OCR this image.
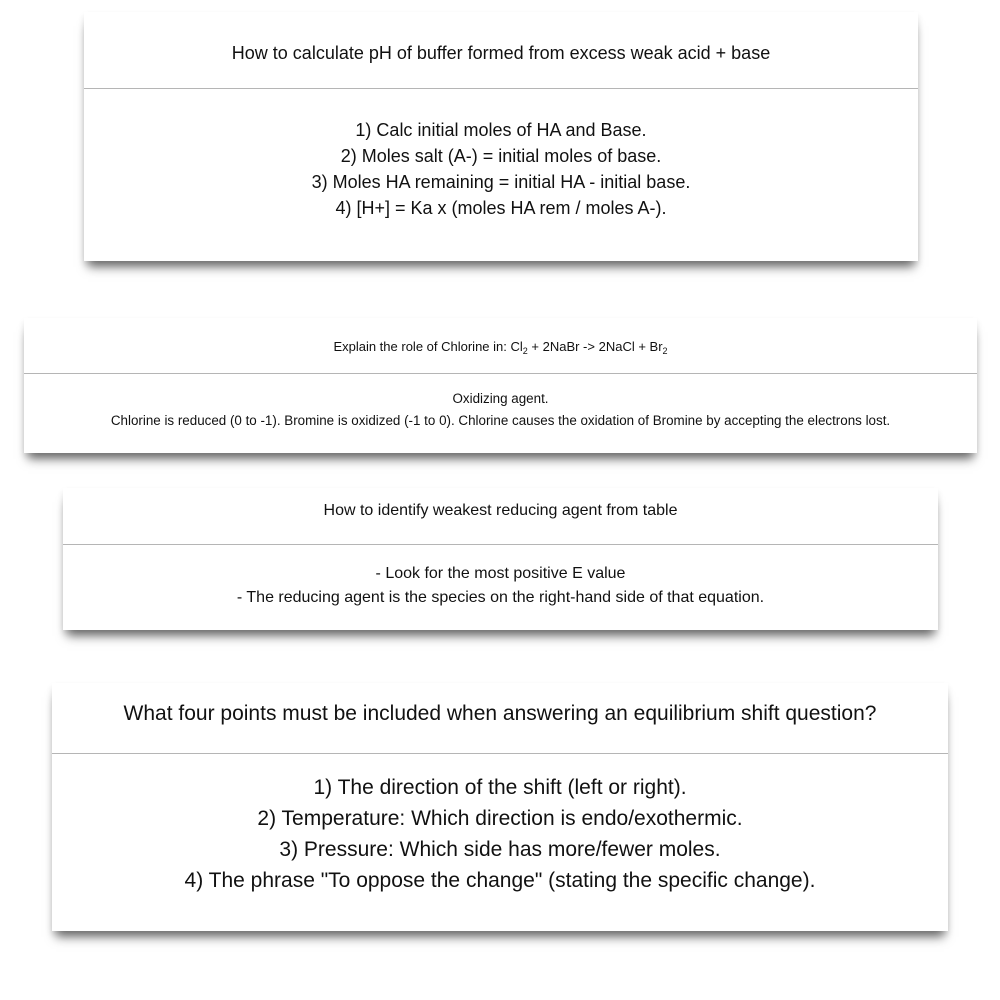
How to calculate pH of buffer formed from excess weak acid + base
1) Calc initial moles of HA and Base.
2) Moles salt (A-) = initial moles of base.
3) Moles HA remaining = initial HA - initial base.
4) [H+] = Ka x (moles HA rem / moles A-).
Explain the role of Chlorine in: $Cl_2$ + 2NaBr -> 2NaCl + $Br_2$
Oxidizing agent.
Chlorine is reduced (0 to -1). Bromine is oxidized (-1 to 0). Chlorine causes the oxidation of Bromine by accepting the electrons lost.
How to identify weakest reducing agent from table
- Look for the most positive E value
- The reducing agent is the species on the right-hand side of that equation.
What four points must be included when answering an equilibrium shift question?
1) The direction of the shift (left or right).
2) Temperature: Which direction is endo/exothermic.
3) Pressure: Which side has more/fewer moles.
4) The phrase "To oppose the change" (stating the specific change).
